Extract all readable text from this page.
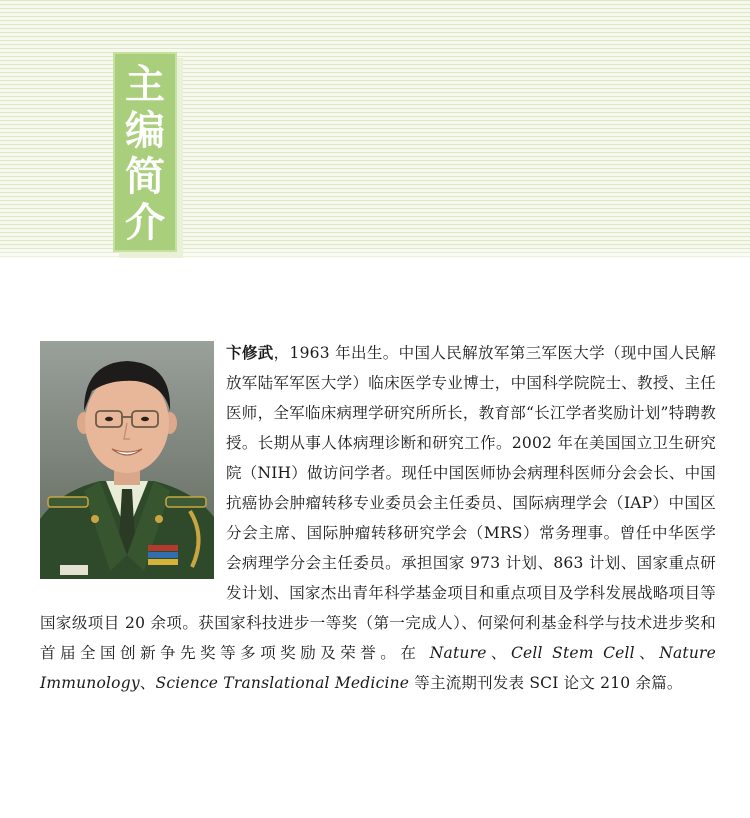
主
编
简
介
卞修武，1963 年出生。中国人民解放军第三军医大学（现中国人民解放军陆军军医大学）临床医学专业博士，中国科学院院士、教授、主任医师，全军临床病理学研究所所长，教育部“长江学者奖励计划”特聘教授。长期从事人体病理诊断和研究工作。2002 年在美国国立卫生研究院（NIH）做访问学者。现任中国医师协会病理科医师分会会长、中国抗癌协会肿瘤转移专业委员会主任委员、国际病理学会（IAP）中国区分会主席、国际肿瘤转移研究学会（MRS）常务理事。曾任中华医学会病理学分会主任委员。承担国家 973 计划、863 计划、国家重点研发计划、国家杰出青年科学基金项目和重点项目及学科发展战略项目等国家级项目 20 余项。获国家科技进步一等奖（第一完成人）、何梁何利基金科学与技术进步奖和首届全国创新争先奖等多项奖励及荣誉。在 Nature、Cell Stem Cell、Nature Immunology、Science Translational Medicine 等主流期刊发表 SCI 论文 210 余篇。
